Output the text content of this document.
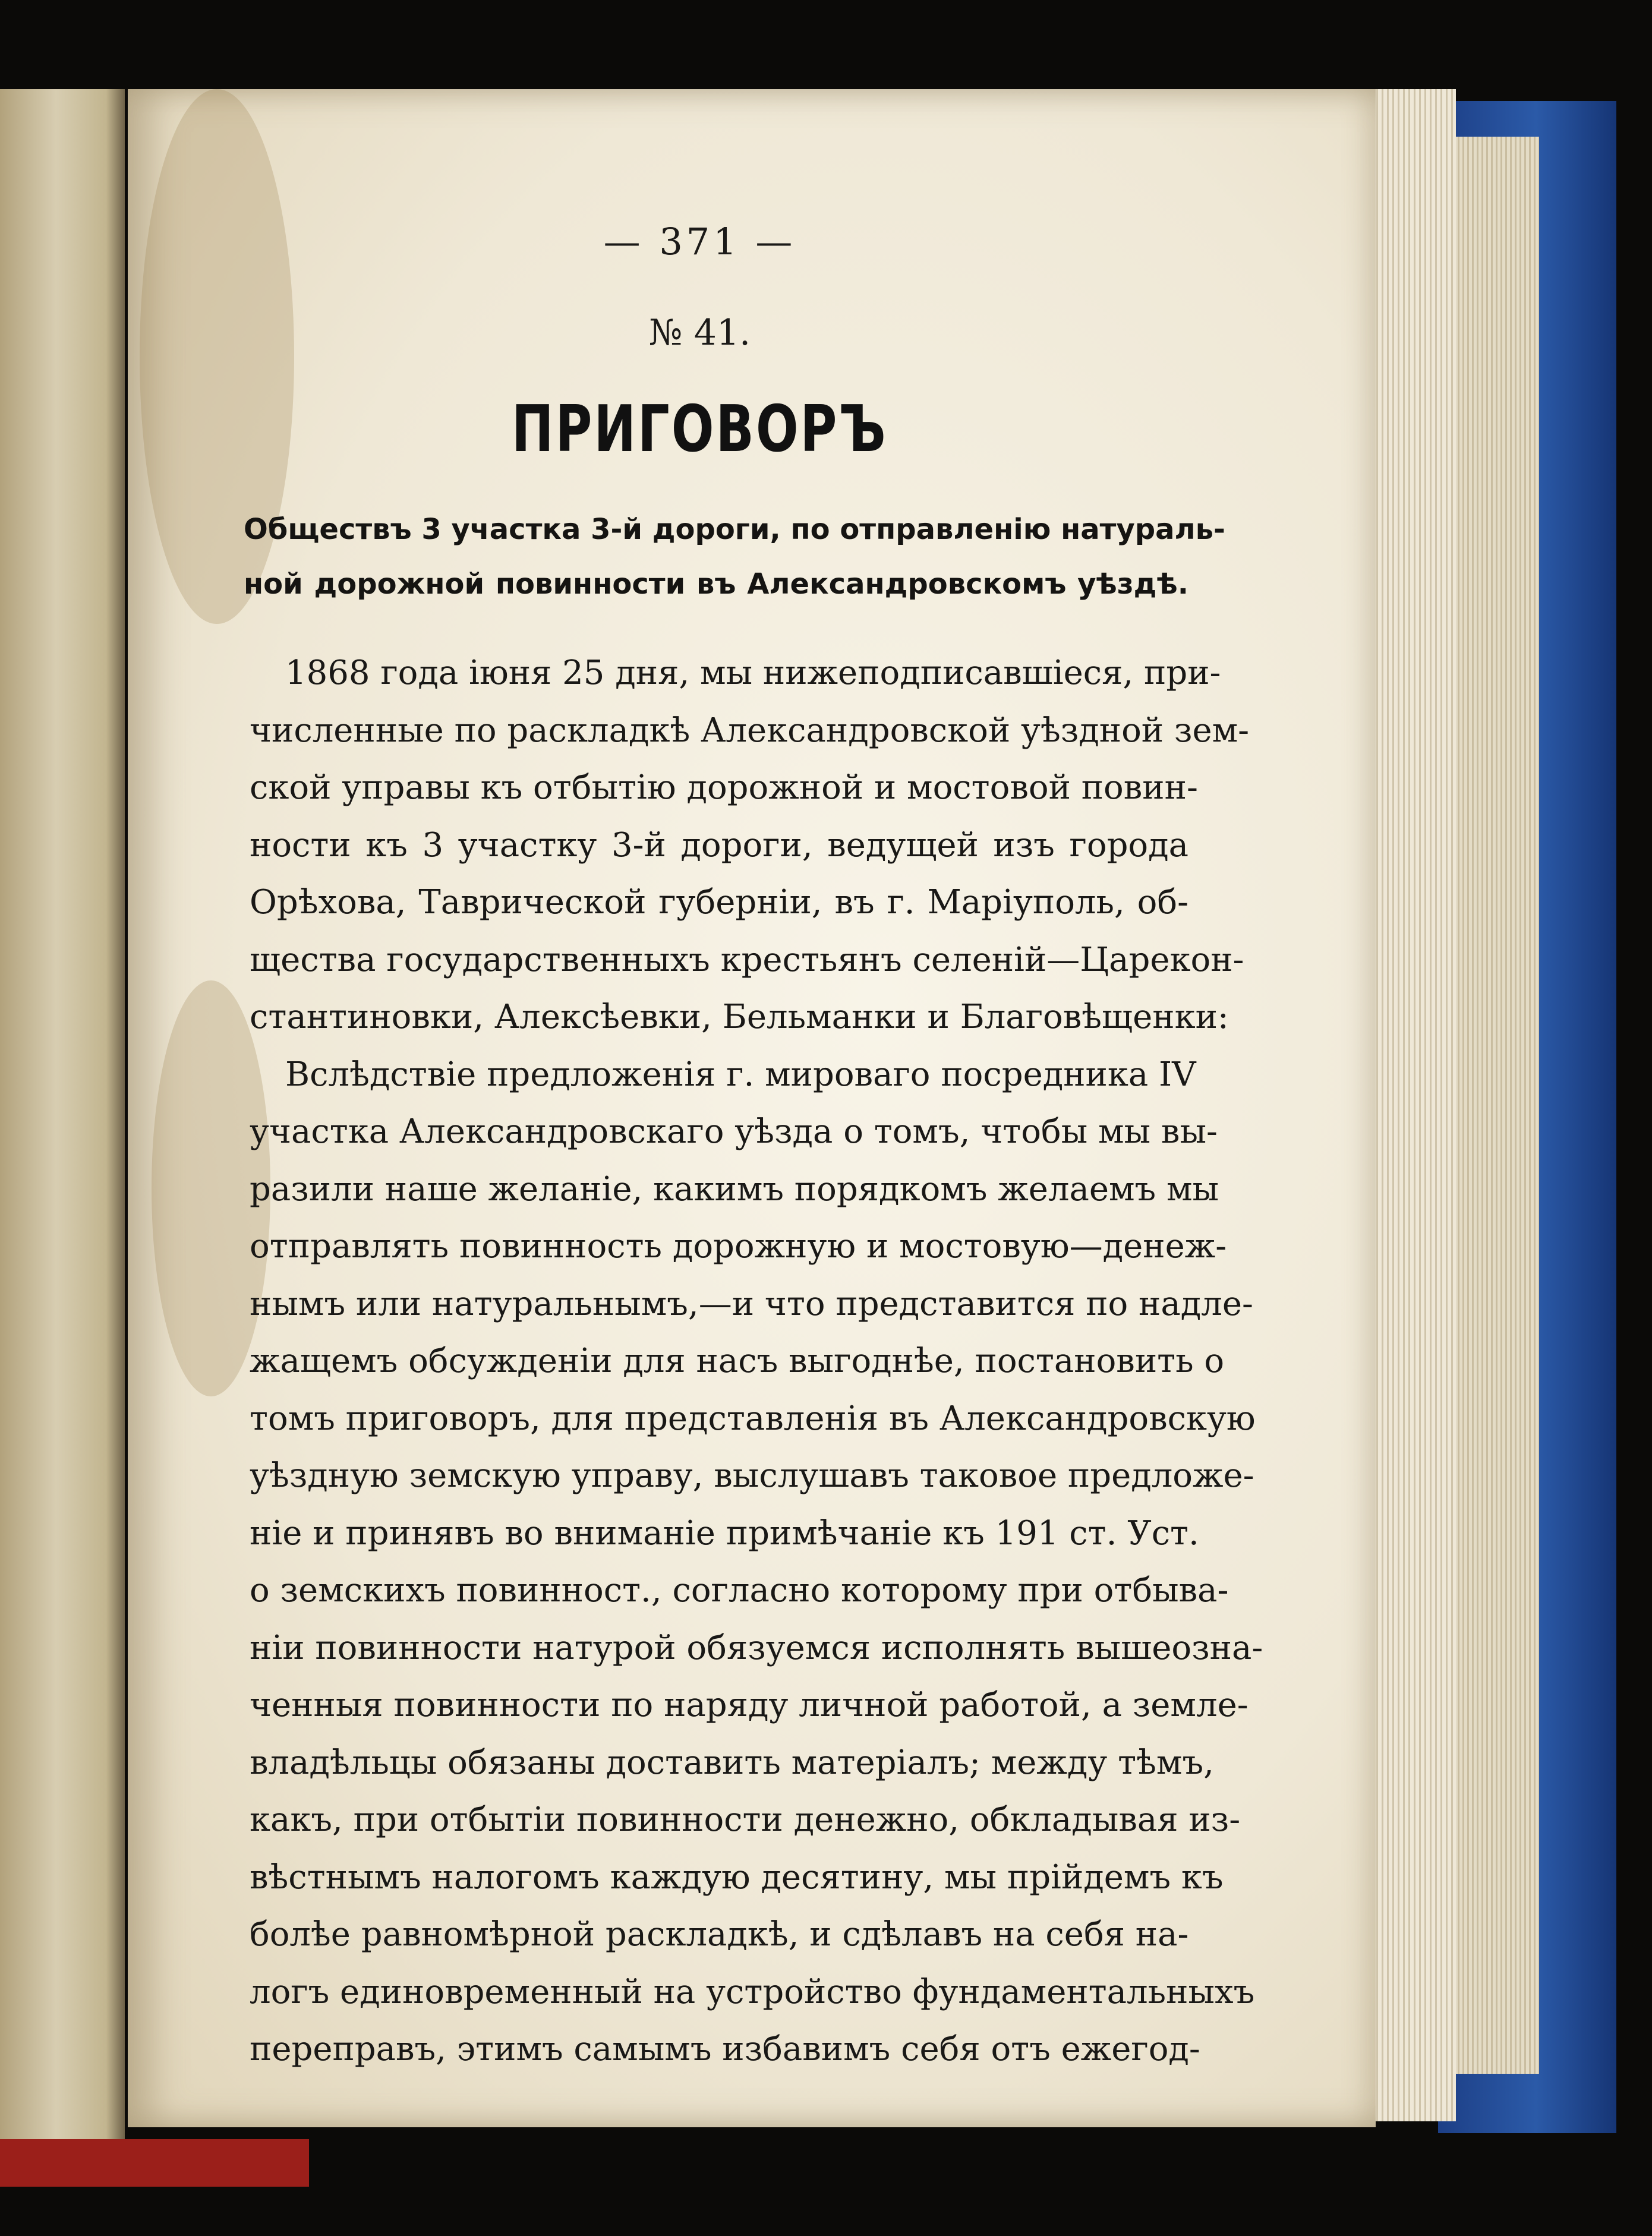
— 371 —
№ 41.
ПРИГОВОРЪ
Обществъ 3 участка 3-й дороги, по отправленію натураль-
ной дорожной повинности въ Александровскомъ уѣздѣ.
1868 года іюня 25 дня, мы нижеподписавшіеся, при-
численные по раскладкѣ Александровской уѣздной зем-
ской управы къ отбытію дорожной и мостовой повин-
ности къ 3 участку 3-й дороги, ведущей изъ города
Орѣхова, Таврической губерніи, въ г. Маріуполь, об-
щества государственныхъ крестьянъ селеній—Царекон-
стантиновки, Алексѣевки, Бельманки и Благовѣщенки:
Вслѣдствіе предложенія г. мироваго посредника IV
участка Александровскаго уѣзда о томъ, чтобы мы вы-
разили наше желаніе, какимъ порядкомъ желаемъ мы
отправлять повинность дорожную и мостовую—денеж-
нымъ или натуральнымъ,—и что представится по надле-
жащемъ обсужденіи для насъ выгоднѣе, постановить о
томъ приговоръ, для представленія въ Александровскую
уѣздную земскую управу, выслушавъ таковое предложе-
ніе и принявъ во вниманіе примѣчаніе къ 191 ст. Уст.
о земскихъ повинност., согласно которому при отбыва-
ніи повинности натурой обязуемся исполнять вышеозна-
ченныя повинности по наряду личной работой, а земле-
владѣльцы обязаны доставить матеріалъ; между тѣмъ,
какъ, при отбытіи повинности денежно, обкладывая из-
вѣстнымъ налогомъ каждую десятину, мы прійдемъ къ
болѣе равномѣрной раскладкѣ, и сдѣлавъ на себя на-
логъ единовременный на устройство фундаментальныхъ
переправъ, этимъ самымъ избавимъ себя отъ ежегод-
